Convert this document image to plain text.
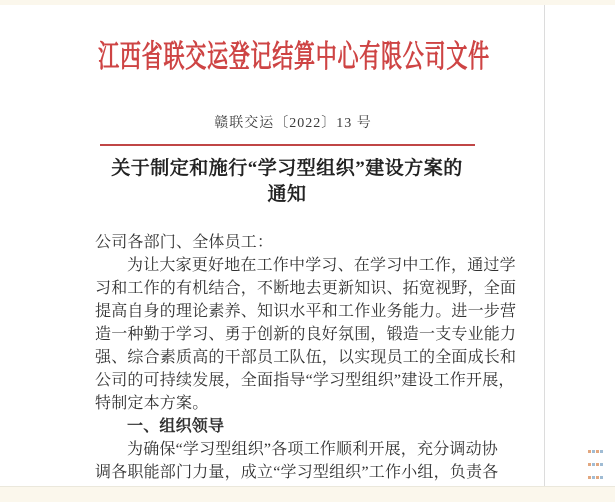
江西省联交运登记结算中心有限公司文件
赣联交运〔2022〕13 号
关于制定和施行“学习型组织”建设方案的
通知
公司各部门、全体员工：
为让大家更好地在工作中学习、在学习中工作，通过学
习和工作的有机结合，不断地去更新知识、拓宽视野，全面
提高自身的理论素养、知识水平和工作业务能力。进一步营
造一种勤于学习、勇于创新的良好氛围，锻造一支专业能力
强、综合素质高的干部员工队伍，以实现员工的全面成长和
公司的可持续发展，全面指导“学习型组织”建设工作开展，
特制定本方案。
一、组织领导
为确保“学习型组织”各项工作顺利开展，充分调动协
调各职能部门力量，成立“学习型组织”工作小组，负责各
